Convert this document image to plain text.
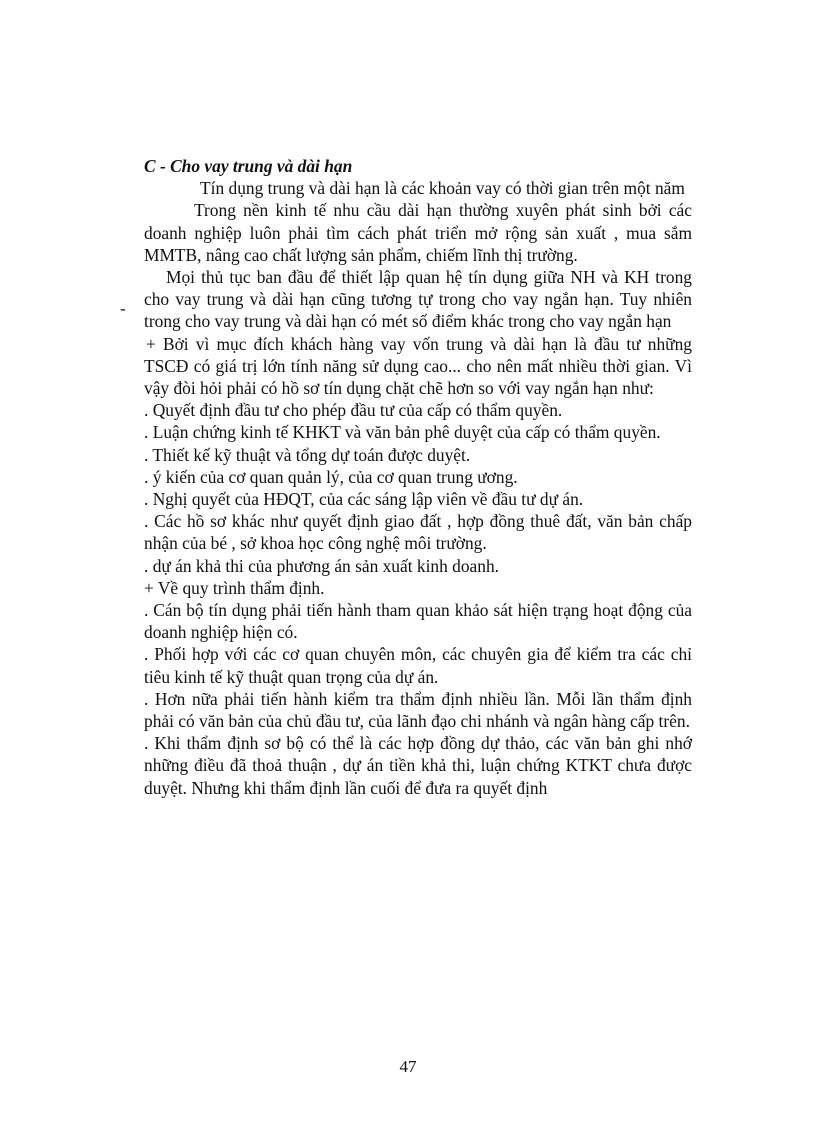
-

C - Cho vay trung và dài hạn

Tín dụng trung và dài hạn là các khoản vay có thời gian trên một năm

Trong nền kinh tế nhu cầu dài hạn thường xuyên phát sinh bởi các doanh nghiệp luôn phải tìm cách phát triển mở rộng sản xuất , mua sắm MMTB, nâng cao chất lượng sản phẩm, chiếm lĩnh thị trường.

Mọi thủ tục ban đầu để thiết lập quan hệ tín dụng giữa NH và KH trong cho vay trung và dài hạn cũng tương tự trong cho vay ngắn hạn. Tuy nhiên trong cho vay trung và dài hạn có mét số điểm khác trong cho vay ngắn hạn

+ Bởi vì mục đích khách hàng vay vốn trung và dài hạn là đầu tư những TSCĐ có giá trị lớn tính năng sử dụng cao... cho nên mất nhiều thời gian. Vì vậy đòi hỏi phải có hồ sơ tín dụng chặt chẽ hơn so với vay ngắn hạn như:

. Quyết định đầu tư cho phép đầu tư của cấp có thẩm quyền.

. Luận chứng kinh tế KHKT và văn bản phê duyệt của cấp có thẩm quyền.

. Thiết kế kỹ thuật và tổng dự toán được duyệt.

. ý kiến của cơ quan quản lý, của cơ quan trung ương.

. Nghị quyết của HĐQT, của các sáng lập viên về đầu tư dự án.

. Các hồ sơ khác như quyết định giao đất , hợp đồng thuê đất, văn bản chấp nhận của bé , sở khoa học công nghệ môi trường.

. dự án khả thi của phương án sản xuất kinh doanh.

+ Về quy trình thẩm định.

. Cán bộ tín dụng phải tiến hành tham quan khảo sát hiện trạng hoạt động của doanh nghiệp hiện có.

. Phối hợp với các cơ quan chuyên môn, các chuyên gia để kiểm tra các chỉ tiêu kinh tế kỹ thuật quan trọng của dự án.

. Hơn nữa phải tiến hành kiểm tra thẩm định nhiều lần. Mỗi lần thẩm định phải có văn bản của chủ đầu tư, của lãnh đạo chi nhánh và ngân hàng cấp trên.

. Khi thẩm định sơ bộ có thể là các hợp đồng dự thảo, các văn bản ghi nhớ những điều đã thoả thuận , dự án tiền khả thi, luận chứng KTKT chưa được duyệt. Nhưng khi thẩm định lần cuối để đưa ra quyết định

47
